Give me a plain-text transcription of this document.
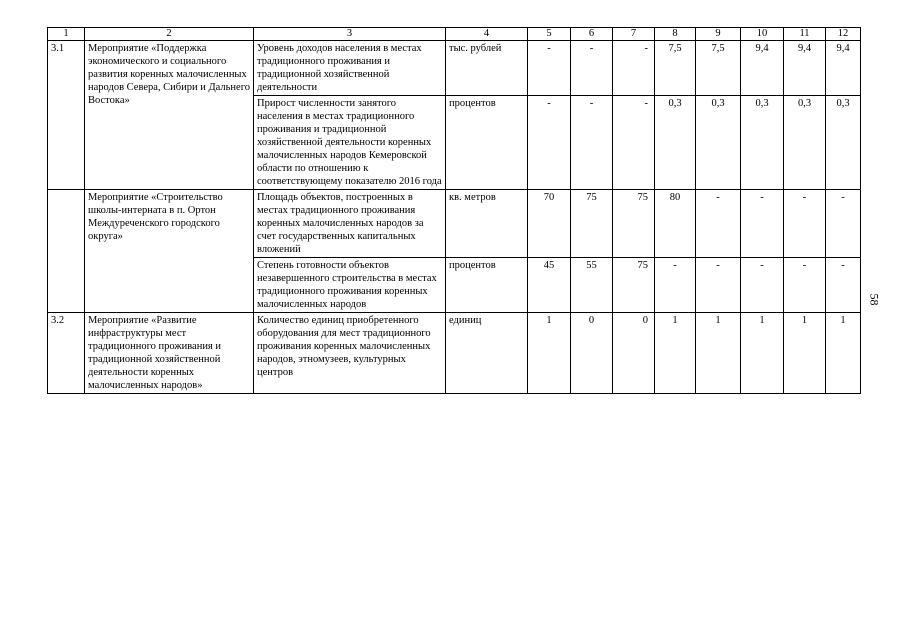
1	2	3	4	5	6	7	8	9	10	11	12
3.1	Мероприятие «Поддержка экономического и социального развития коренных малочисленных народов Севера, Сибири и Дальнего Востока»	Уровень доходов населения в местах традиционного проживания и традиционной хозяйственной деятельности	тыс. рублей	-	-	-	7,5	7,5	9,4	9,4	9,4
		Прирост численности занятого населения в местах традиционного проживания и традиционной хозяйственной деятельности коренных малочисленных народов Кемеровской области по отношению к соответствующему показателю 2016 года	процентов	-	-	-	0,3	0,3	0,3	0,3	0,3
	Мероприятие «Строительство школы-интерната в п. Ортон Междуреченского городского округа»	Площадь объектов, построенных в местах традиционного проживания коренных малочисленных народов за счет государственных капитальных вложений	кв. метров	70	75	75	80	-	-	-	-
		Степень готовности объектов незавершенного строительства в местах традиционного проживания коренных малочисленных народов	процентов	45	55	75	-	-	-	-	-
3.2	Мероприятие «Развитие инфраструктуры мест традиционного проживания и традиционной хозяйственной деятельности коренных малочисленных народов»	Количество единиц приобретенного оборудования для мест традиционного проживания коренных малочисленных народов, этномузеев, культурных центров	единиц	1	0	0	1	1	1	1	1
58
